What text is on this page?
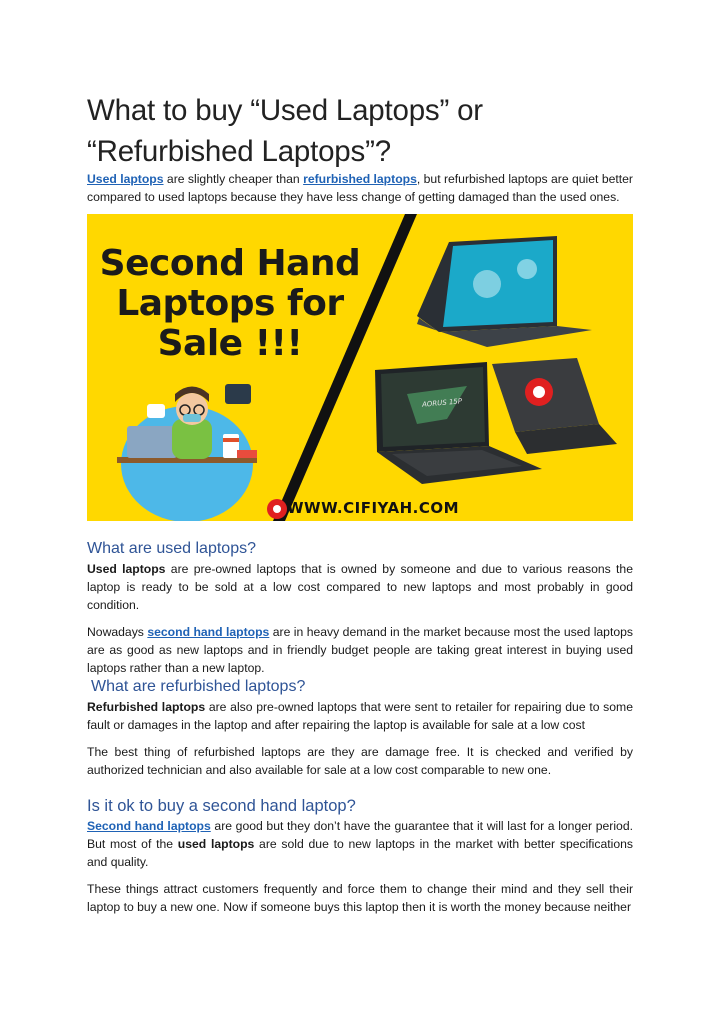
What to buy “Used Laptops” or “Refurbished Laptops”?

Used laptops are slightly cheaper than refurbished laptops, but refurbished laptops are quiet better compared to used laptops because they have less change of getting damaged than the used ones.

Second Hand Laptops for Sale !!!
AORUS 15P
WWW.CIFIYAH.COM
What are used laptops?

Used laptops are pre-owned laptops that is owned by someone and due to various reasons the laptop is ready to be sold at a low cost compared to new laptops and most probably in good condition.

Nowadays second hand laptops are in heavy demand in the market because most the used laptops are as good as new laptops and in friendly budget people are taking great interest in buying used laptops rather than a new laptop.

What are refurbished laptops?

Refurbished laptops are also pre-owned laptops that were sent to retailer for repairing due to some fault or damages in the laptop and after repairing the laptop is available for sale at a low cost

The best thing of refurbished laptops are they are damage free. It is checked and verified by authorized technician and also available for sale at a low cost comparable to new one.

Is it ok to buy a second hand laptop?

Second hand laptops are good but they don’t have the guarantee that it will last for a longer period. But most of the used laptops are sold due to new laptops in the market with better specifications and quality.

These things attract customers frequently and force them to change their mind and they sell their laptop to buy a new one. Now if someone buys this laptop then it is worth the money because neither
